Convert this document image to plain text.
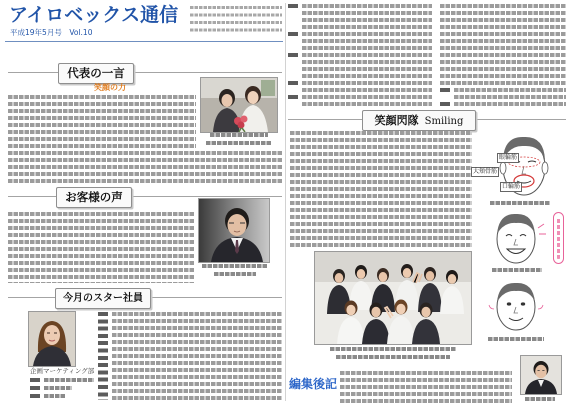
アイロベックス通信
平成19年5月号　Vol.10
代表の一言
笑顔の力
お客様の声
今月のスター社員
企画マーケティング部
笑顔閃隊 Smiling
眼輪筋
大頬骨筋
口輪筋
編集後記
